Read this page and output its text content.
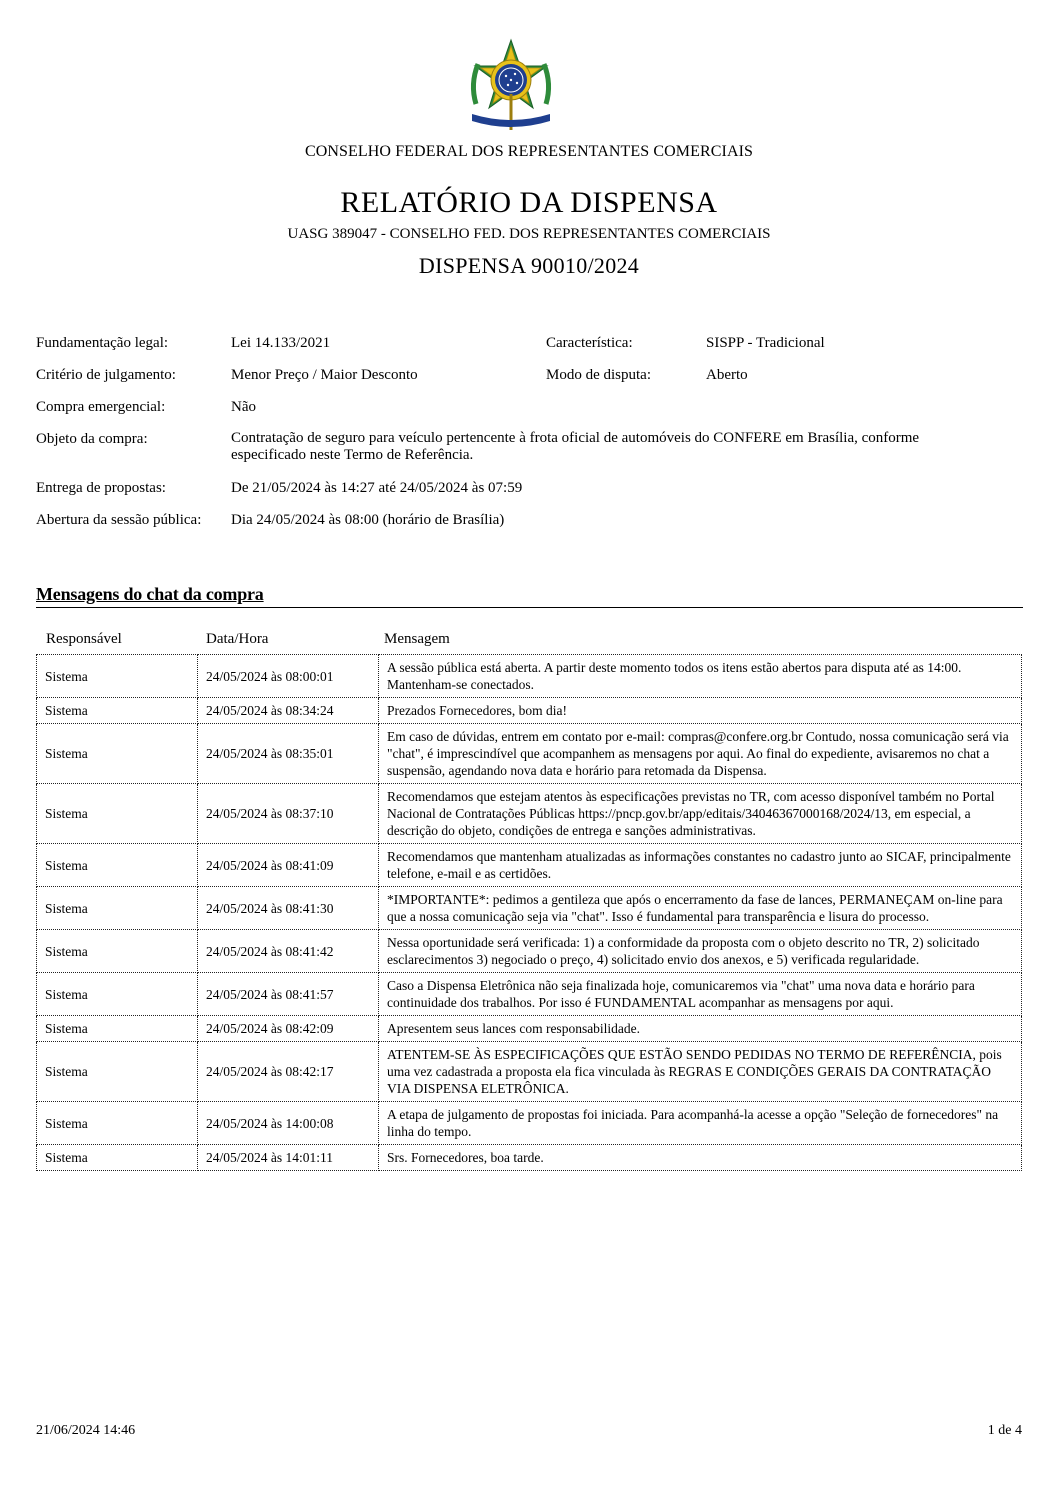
CONSELHO FEDERAL DOS REPRESENTANTES COMERCIAIS
RELATÓRIO DA DISPENSA
UASG 389047 - CONSELHO FED. DOS REPRESENTANTES COMERCIAIS
DISPENSA 90010/2024
Fundamentação legal:	Lei 14.133/2021	Característica:	SISPP - Tradicional
Critério de julgamento:	Menor Preço / Maior Desconto	Modo de disputa:	Aberto
Compra emergencial:	Não
Objeto da compra:	Contratação de seguro para veículo pertencente à frota oficial de automóveis do CONFERE em Brasília, conforme especificado neste Termo de Referência.
Entrega de propostas:	De 21/05/2024 às 14:27 até 24/05/2024 às 07:59
Abertura da sessão pública: Dia 24/05/2024 às 08:00 (horário de Brasília)
Mensagens do chat da compra
Responsável	Data/Hora	Mensagem
Sistema	24/05/2024 às 08:00:01	A sessão pública está aberta. A partir deste momento todos os itens estão abertos para disputa até as 14:00. Mantenham-se conectados.
Sistema	24/05/2024 às 08:34:24	Prezados Fornecedores, bom dia!
Sistema	24/05/2024 às 08:35:01	Em caso de dúvidas, entrem em contato por e-mail: compras@confere.org.br Contudo, nossa comunicação será via "chat", é imprescindível que acompanhem as mensagens por aqui. Ao final do expediente, avisaremos no chat a suspensão, agendando nova data e horário para retomada da Dispensa.
Sistema	24/05/2024 às 08:37:10	Recomendamos que estejam atentos às especificações previstas no TR, com acesso disponível também no Portal Nacional de Contratações Públicas https://pncp.gov.br/app/editais/34046367000168/2024/13, em especial, a descrição do objeto, condições de entrega e sanções administrativas.
Sistema	24/05/2024 às 08:41:09	Recomendamos que mantenham atualizadas as informações constantes no cadastro junto ao SICAF, principalmente telefone, e-mail e as certidões.
Sistema	24/05/2024 às 08:41:30	*IMPORTANTE*: pedimos a gentileza que após o encerramento da fase de lances, PERMANEÇAM on-line para que a nossa comunicação seja via "chat". Isso é fundamental para transparência e lisura do processo.
Sistema	24/05/2024 às 08:41:42	Nessa oportunidade será verificada: 1) a conformidade da proposta com o objeto descrito no TR, 2) solicitado esclarecimentos 3) negociado o preço, 4) solicitado envio dos anexos, e 5) verificada regularidade.
Sistema	24/05/2024 às 08:41:57	Caso a Dispensa Eletrônica não seja finalizada hoje, comunicaremos via "chat" uma nova data e horário para continuidade dos trabalhos. Por isso é FUNDAMENTAL acompanhar as mensagens por aqui.
Sistema	24/05/2024 às 08:42:09	Apresentem seus lances com responsabilidade.
Sistema	24/05/2024 às 08:42:17	ATENTEM-SE ÀS ESPECIFICAÇÕES QUE ESTÃO SENDO PEDIDAS NO TERMO DE REFERÊNCIA, pois uma vez cadastrada a proposta ela fica vinculada às REGRAS E CONDIÇÕES GERAIS DA CONTRATAÇÃO VIA DISPENSA ELETRÔNICA.
Sistema	24/05/2024 às 14:00:08	A etapa de julgamento de propostas foi iniciada. Para acompanhá-la acesse a opção "Seleção de fornecedores" na linha do tempo.
Sistema	24/05/2024 às 14:01:11	Srs. Fornecedores, boa tarde.
21/06/2024 14:46	1 de 4
